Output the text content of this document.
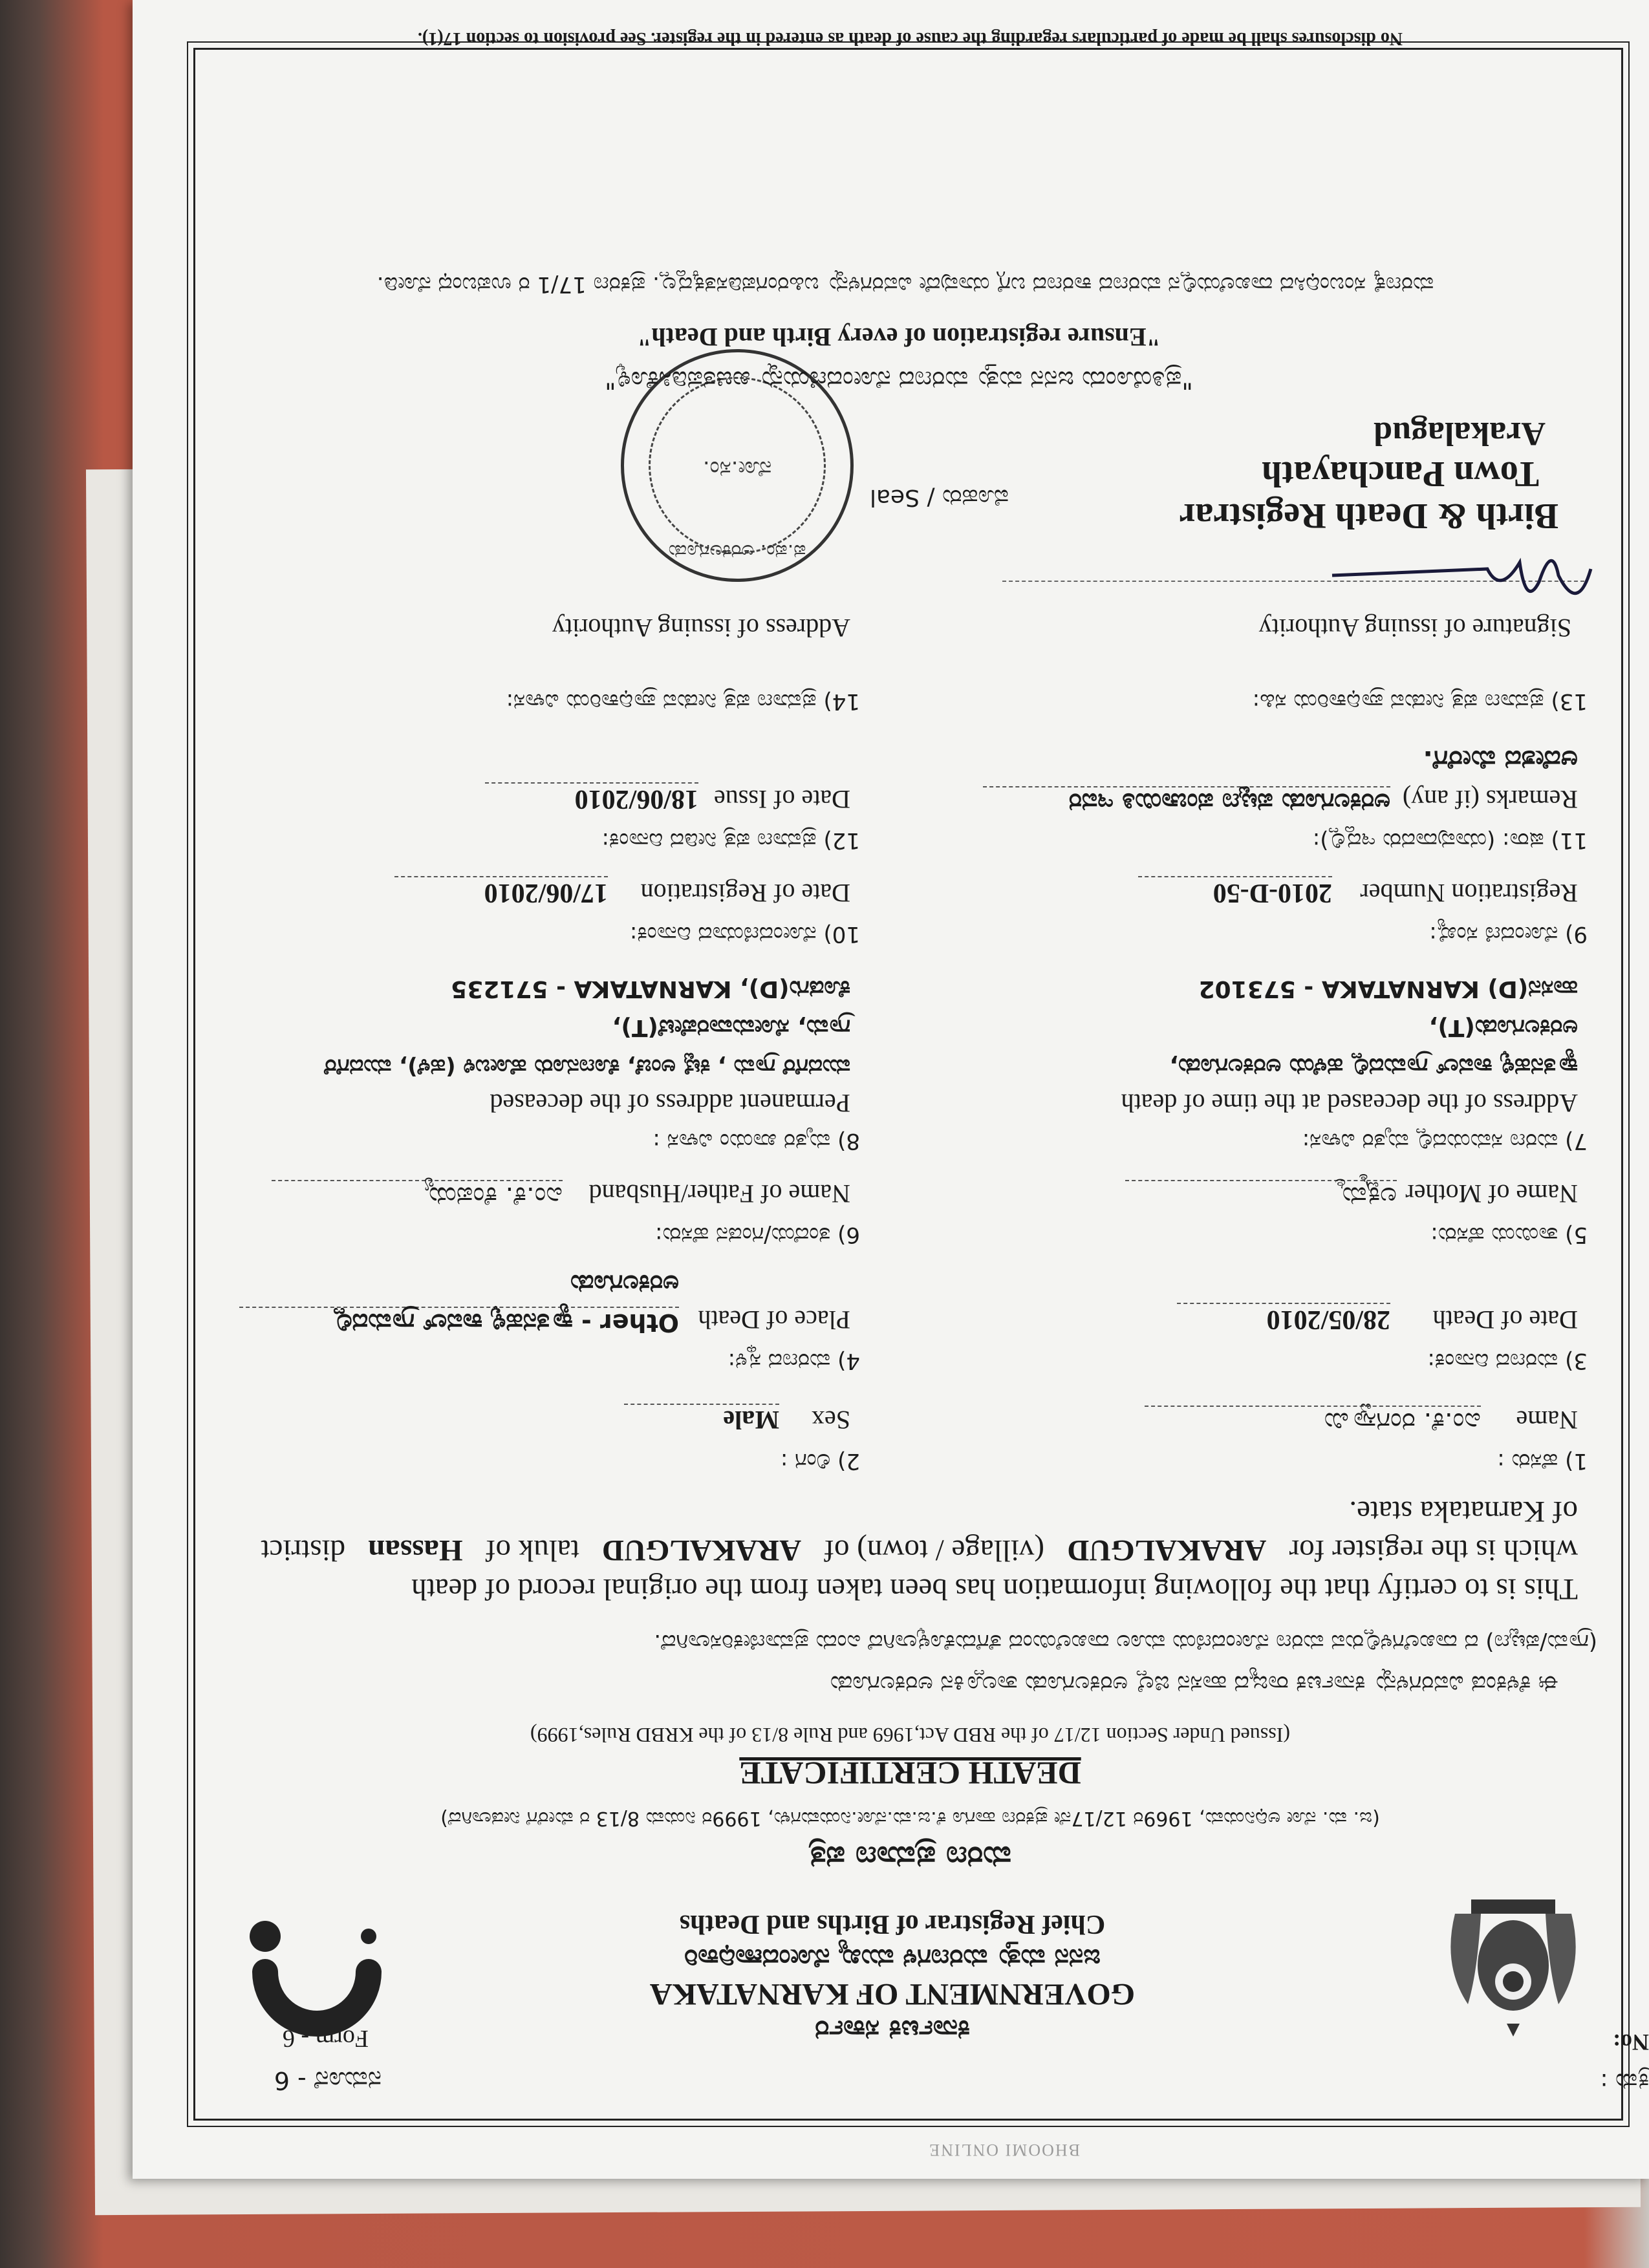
BHOOMI ONLINE
ಕ್ರಮ :
No:
ನಮೂನೆ - 6
Form - 6	ಕರ್ನಾಟಕ ಸರ್ಕಾರ
GOVERNMENT OF KARNATAKA
ಜನನ ಮತ್ತು ಮರಣಗಳ ಮುಖ್ಯ ನೋಂದಣಾಧಿಕಾರಿ
Chief Registrar of Births and Deaths
ಮರಣ ಪ್ರಮಾಣ ಪತ್ರ
(ಜ. ಮ. ನೋ ಅಧಿನಿಯಮ, 1969ರ 12/17ನೇ ಪ್ರಕರಣ ಹಾಗೂ ಕೆ.ಜ.ಮ.ನೋ.ನಿಯಮಗಳು, 1999ರ ನಿಯಮ 8/13 ರ ಮೇರೆಗೆ ನೀಡಲಾಗಿದೆ)
DEATH CERTIFICATE
(Issued Under Section 12/17 of the RBD Act,1969 and Rule 8/13 of the KRBD Rules,1999)
ಈ ಕೆಳಕಂಡ ವಿವರಗಳನ್ನು ಕರ್ನಾಟಕ ರಾಜ್ಯದ ಹಾಸನ ಜಿಲ್ಲೆ ಅರಕಲಗೂಡು ತಾಲ್ಲೂಕಿನ ಅರಕಲಗೂಡು
(ಗ್ರಾಮ/ಪಟ್ಟಣ) ದ ದಾಖಲೆಗಳಲ್ಲಿರುವ ಮರಣ ನೋಂದಣಿಯ ಮೂಲ ದಾಖಲೆಯಿಂದ ತೆಗೆದುಕೊಳ್ಳಲಾಗಿದೆ ಎಂದು ಪ್ರಮಾಣೀಕರಿಸಲಾಗಿದೆ.
This is to certify that the following information has been taken from the original record of death
which is the register for   ARAKALGUD   (village / town) of   ARAKALGUD   taluk of   Hassan   district
of Karnataka state.
1) ಹೆಸರು :
2) ಲಿಂಗ :
Name
ಎಂ.ಕೆ. ರಂಗಸ್ವಾಮಿ
Sex
Male
3) ಮರಣದ ದಿನಾಂಕ:
4) ಮರಣದ ಸ್ಥಳ:
Date of Death
28/05/2010
Place of Death
Other - ಕ್ಯಾತನಹಳ್ಳಿ ಕಾವಲ್ ಗ್ರಾಮದಲ್ಲಿ
ಅರಕಲಗೂಡು
5) ತಾಯಿಯ ಹೆಸರು:
6) ತಂದೆಯ/ಗಂಡನ ಹೆಸರು:
Name of Mother
ಲಕ್ಷ್ಮಮ್ಮ
Name of Father/Husband
ಎಂ.ಕೆ. ಕೆಂಪಯ್ಯ
7) ಮರಣ ಸಮಯದಲ್ಲಿ ಮೃತರ ವಿಳಾಸ:
8) ಮೃತರ ಖಾಯಂ ವಿಳಾಸ :
Address of the deceased at the time of death
Permanent address of the deceased
ಕ್ಯಾತನಹಳ್ಳಿ ಕಾವಲ್ ಗ್ರಾಮದಲ್ಲಿ ಹಳೆಯ ಅರಕಲಗೂಡು,
ಅರಕಲಗೂಡು(T),
ಹಾಸನ(D) KARNATAKA - 573102
ಮುದಗೆರೆ ಗ್ರಾಮ , ಕಟ್ಟೆ ಅಂಚೆ, ಕೊಣನೂರು ಹೋಬಳಿ (ಹಳೆ), ಮುದಗೆರೆ
ಗ್ರಾಮ, ಸೋಮವಾರಪೇಟೆ(T),
ಕೊಡಗು(D), KARNATAKA - 571235
9) ನೋಂದಣಿ ಸಂಖ್ಯೆ:
10) ನೋಂದಣಿಯಾದ ದಿನಾಂಕ:
Registration Number
2010-D-50
Date of Registration
17/06/2010
11) ಷರಾ: (ಯಾವುದಾದರು ಇದ್ದಲ್ಲಿ):
12) ಪ್ರಮಾಣ ಪತ್ರ ನೀಡಿದ ದಿನಾಂಕ:
Remarks (if any)
ಅರಕಲಗೂಡು ಪಟ್ಟಣ ಪಂಚಾಯಿತಿ ಇವರ
ಆದೇಶದ ಮೇರೆಗೆ.
Date of Issue
18/06/2010
13) ಪ್ರಮಾಣ ಪತ್ರ ನೀಡುವ ಪ್ರಾಧಿಕಾರಿಯ ಸಹಿ:
14) ಪ್ರಮಾಣ ಪತ್ರ ನೀಡುವ ಪ್ರಾಧಿಕಾರಿಯ ವಿಳಾಸ:
Signature of issuing Authority
Address of issuing Authority
Birth & Death Registrar
Town Panchayath
Arakalagud
ಮೊಹರು / Seal
ಪ.ಪಂ. ಅರಕಲಗೂಡು
ನೋ.ಸಂ.
"ಪ್ರತಿಯೊಂದು ಜನನ ಮತ್ತು ಮರಣದ ನೋಂದಣಿಯನ್ನು ಖಚಿತಪಡಿಸಿಕೊಳ್ಳಿ"
"Ensure registration of every Birth and Death"
ಮರಣಕ್ಕೆ ಸಂಬಂಧಿಸಿದ ದಾಖಲೆಯಲ್ಲಿನ ಮರಣದ ಕಾರಣದ ಬಗ್ಗೆ ಯಾವುದೇ ವಿವರಗಳನ್ನು ಬಹಿರಂಗಪಡಿಸತಕ್ಕದ್ದಲ್ಲ. ಪ್ರಕರಣ 17/1 ರ ಉಪಬಂಧ ನೋಡಿ.
No disclosures shall be made of particulars regarding the cause of death as entered in the register. See provision to section 17(1).
